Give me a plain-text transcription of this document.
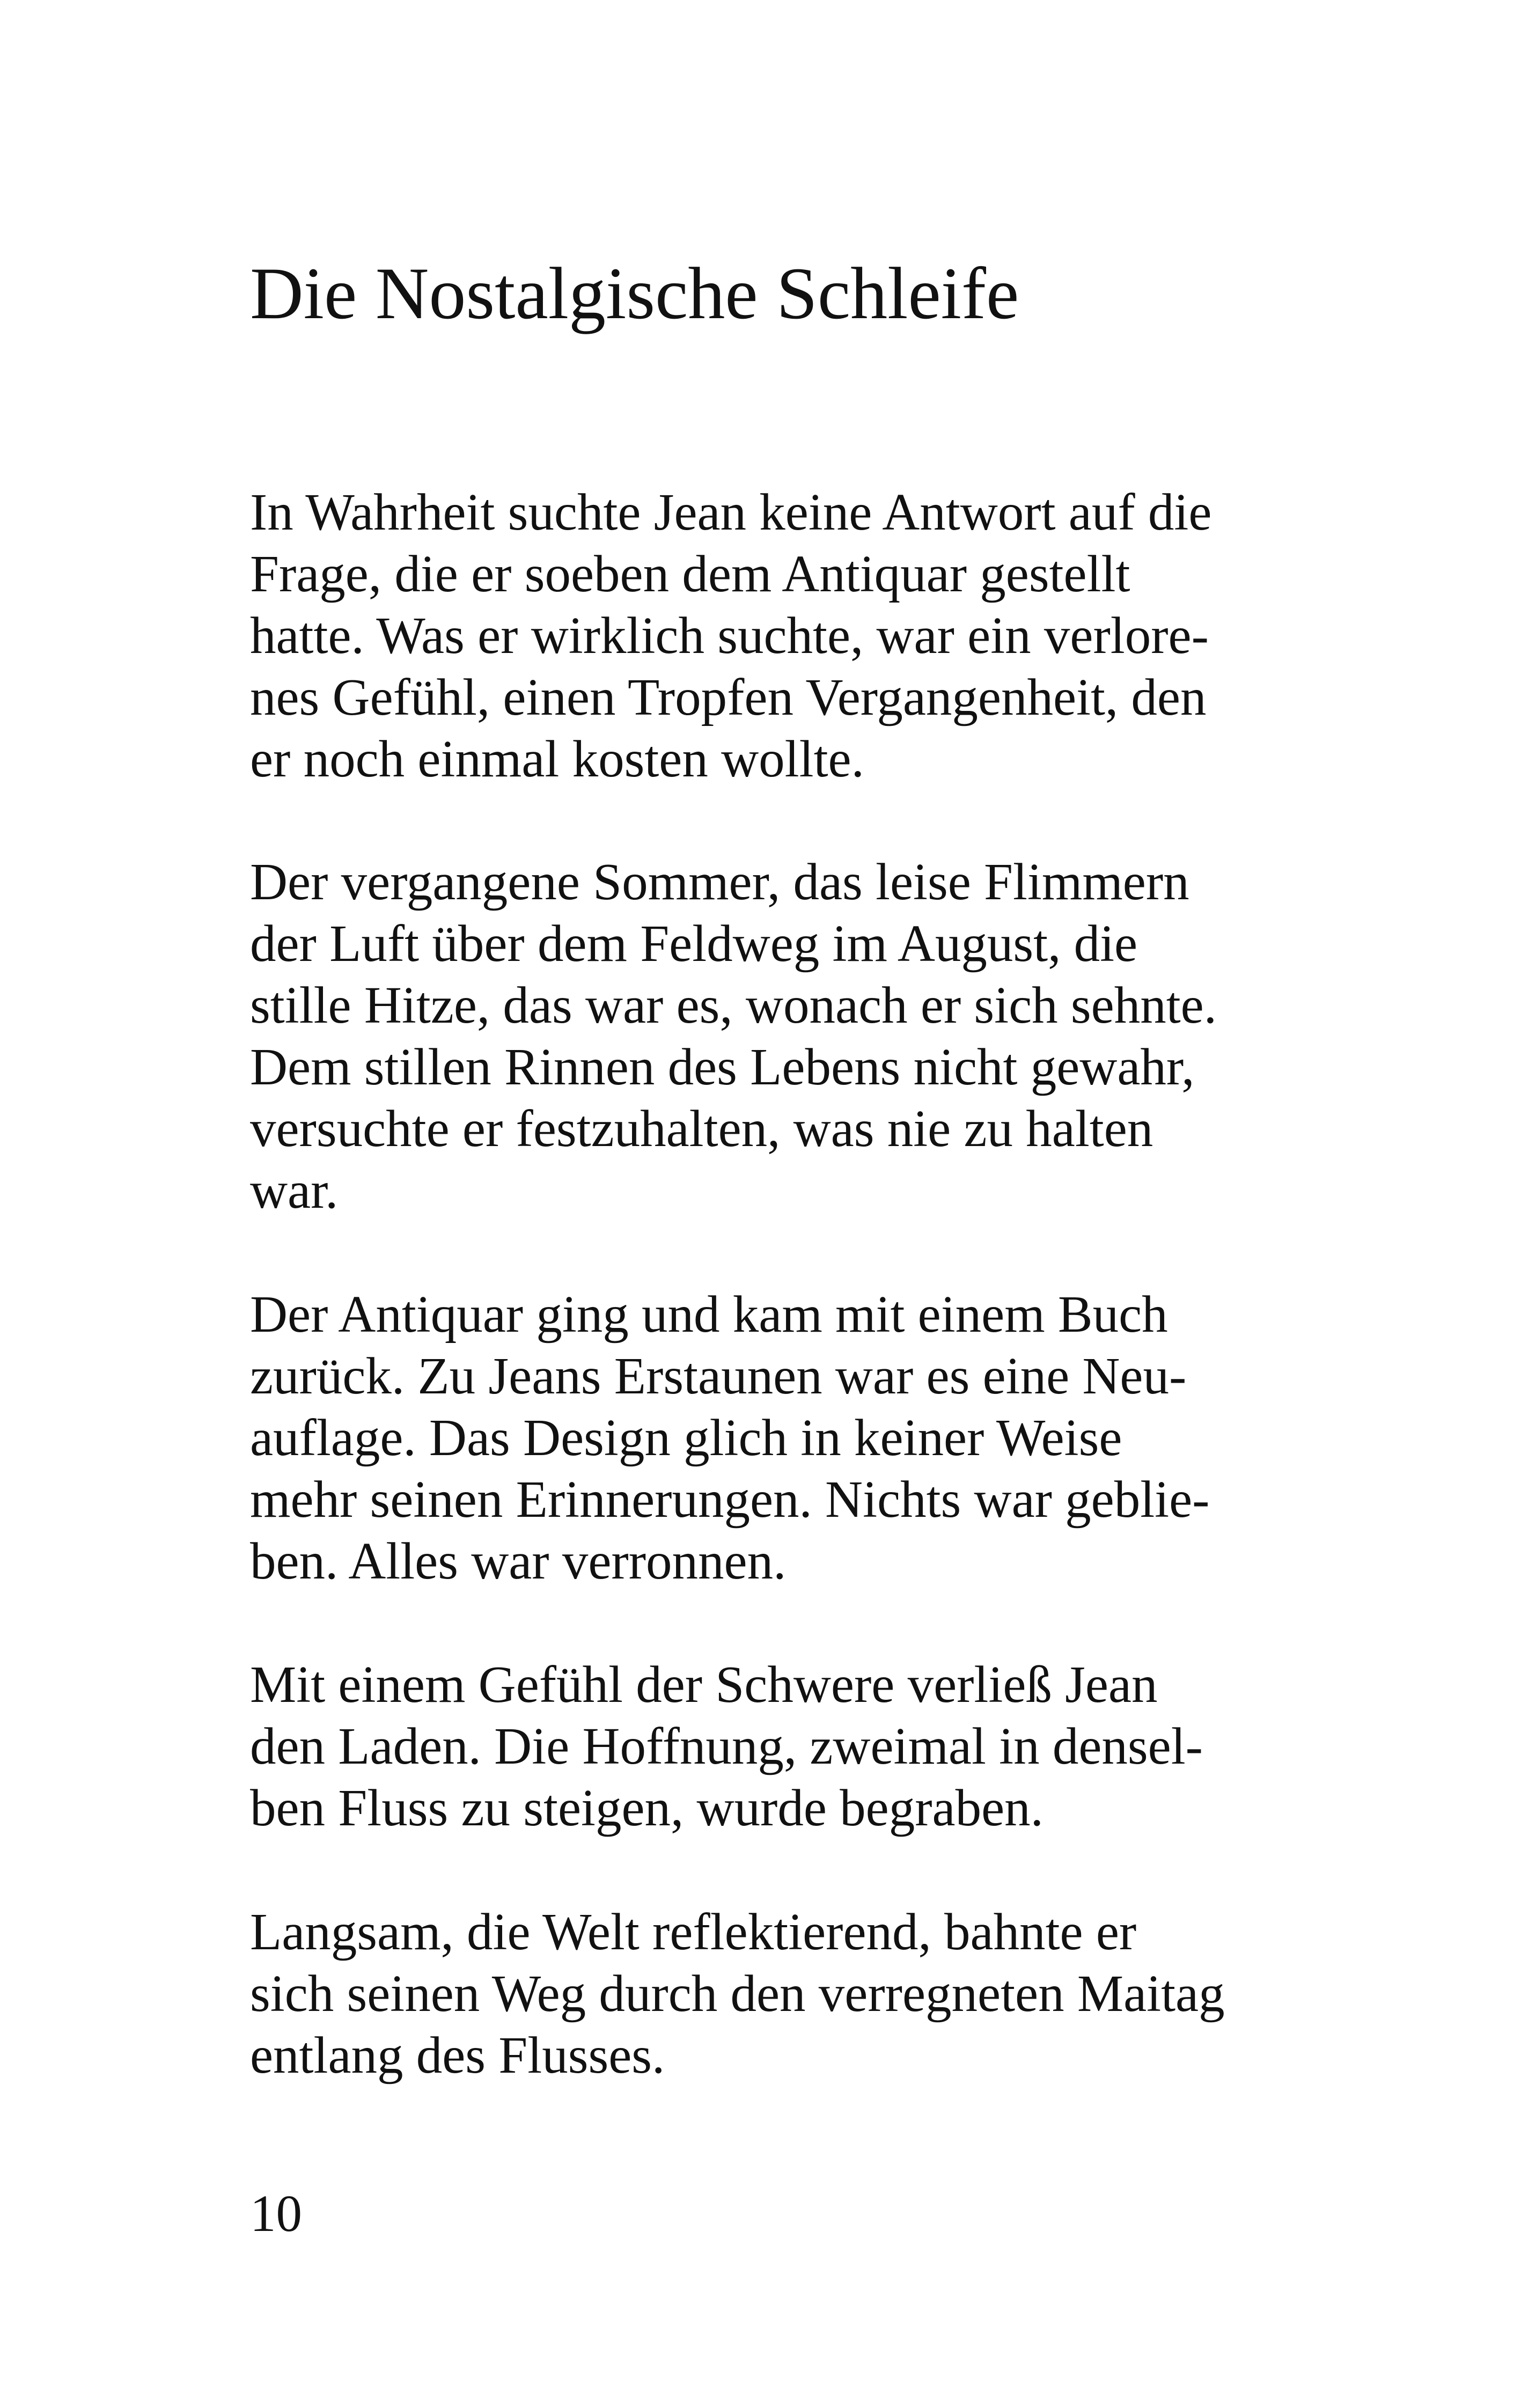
Die Nostalgische Schleife

In Wahrheit suchte Jean keine Antwort auf die
Frage, die er soeben dem Antiquar gestellt
hatte. Was er wirklich suchte, war ein verlore-
nes Gefühl, einen Tropfen Vergangenheit, den
er noch einmal kosten wollte.

Der vergangene Sommer, das leise Flimmern
der Luft über dem Feldweg im August, die
stille Hitze, das war es, wonach er sich sehnte.
Dem stillen Rinnen des Lebens nicht gewahr,
versuchte er festzuhalten, was nie zu halten
war.

Der Antiquar ging und kam mit einem Buch
zurück. Zu Jeans Erstaunen war es eine Neu-
auflage. Das Design glich in keiner Weise
mehr seinen Erinnerungen. Nichts war geblie-
ben. Alles war verronnen.

Mit einem Gefühl der Schwere verließ Jean
den Laden. Die Hoffnung, zweimal in densel-
ben Fluss zu steigen, wurde begraben.

Langsam, die Welt reflektierend, bahnte er
sich seinen Weg durch den verregneten Maitag
entlang des Flusses.

10
